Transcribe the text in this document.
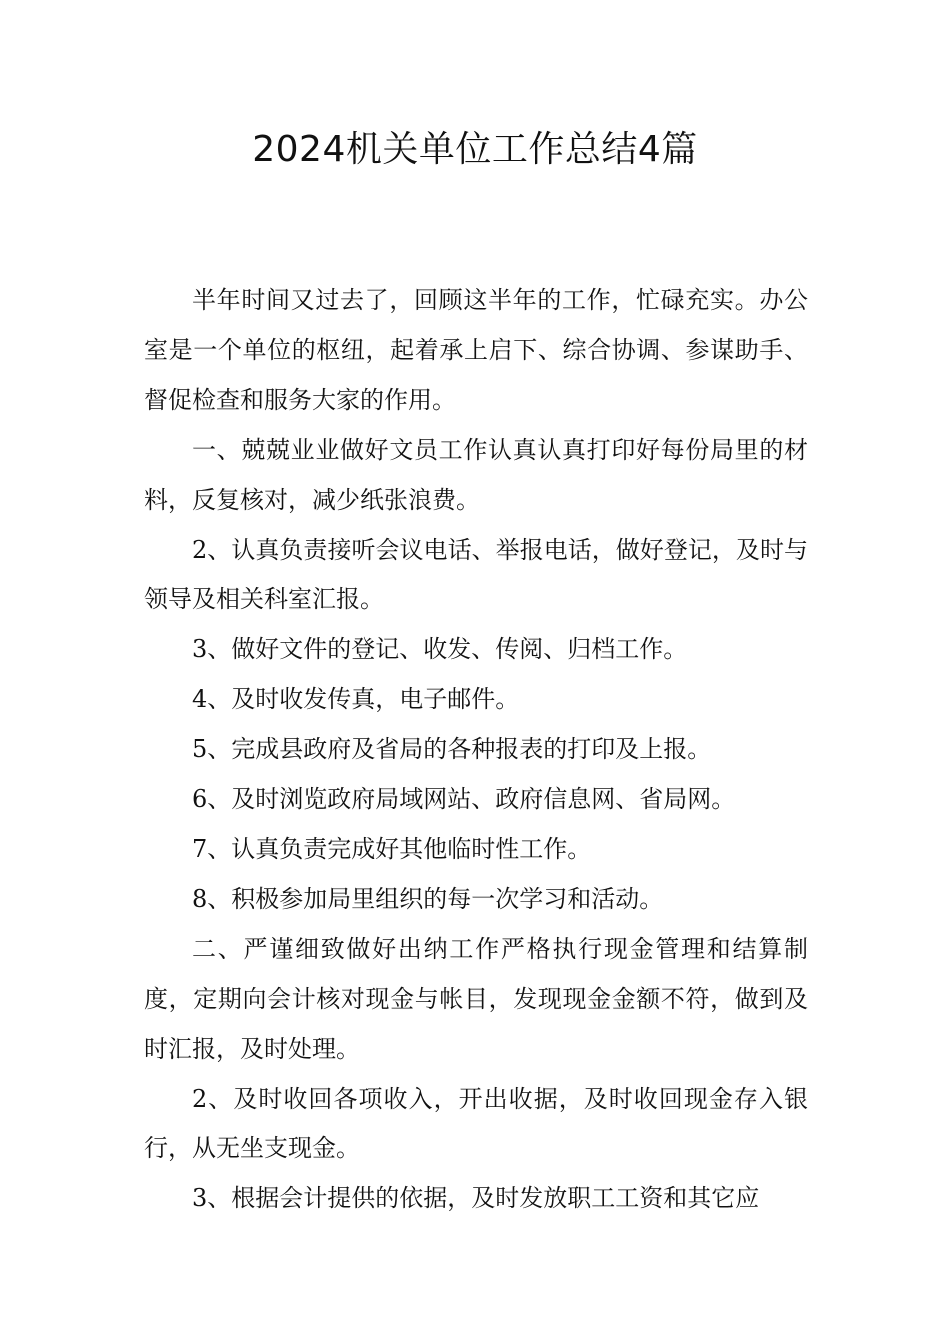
2024机关单位工作总结4篇

半年时间又过去了，回顾这半年的工作，忙碌充实。办公室是一个单位的枢纽，起着承上启下、综合协调、参谋助手、督促检查和服务大家的作用。

一、兢兢业业做好文员工作认真认真打印好每份局里的材料，反复核对，减少纸张浪费。

2、认真负责接听会议电话、举报电话，做好登记，及时与领导及相关科室汇报。

3、做好文件的登记、收发、传阅、归档工作。

4、及时收发传真，电子邮件。

5、完成县政府及省局的各种报表的打印及上报。

6、及时浏览政府局域网站、政府信息网、省局网。

7、认真负责完成好其他临时性工作。

8、积极参加局里组织的每一次学习和活动。

二、严谨细致做好出纳工作严格执行现金管理和结算制度，定期向会计核对现金与帐目，发现现金金额不符，做到及时汇报，及时处理。

2、及时收回各项收入，开出收据，及时收回现金存入银行，从无坐支现金。

3、根据会计提供的依据，及时发放职工工资和其它应
